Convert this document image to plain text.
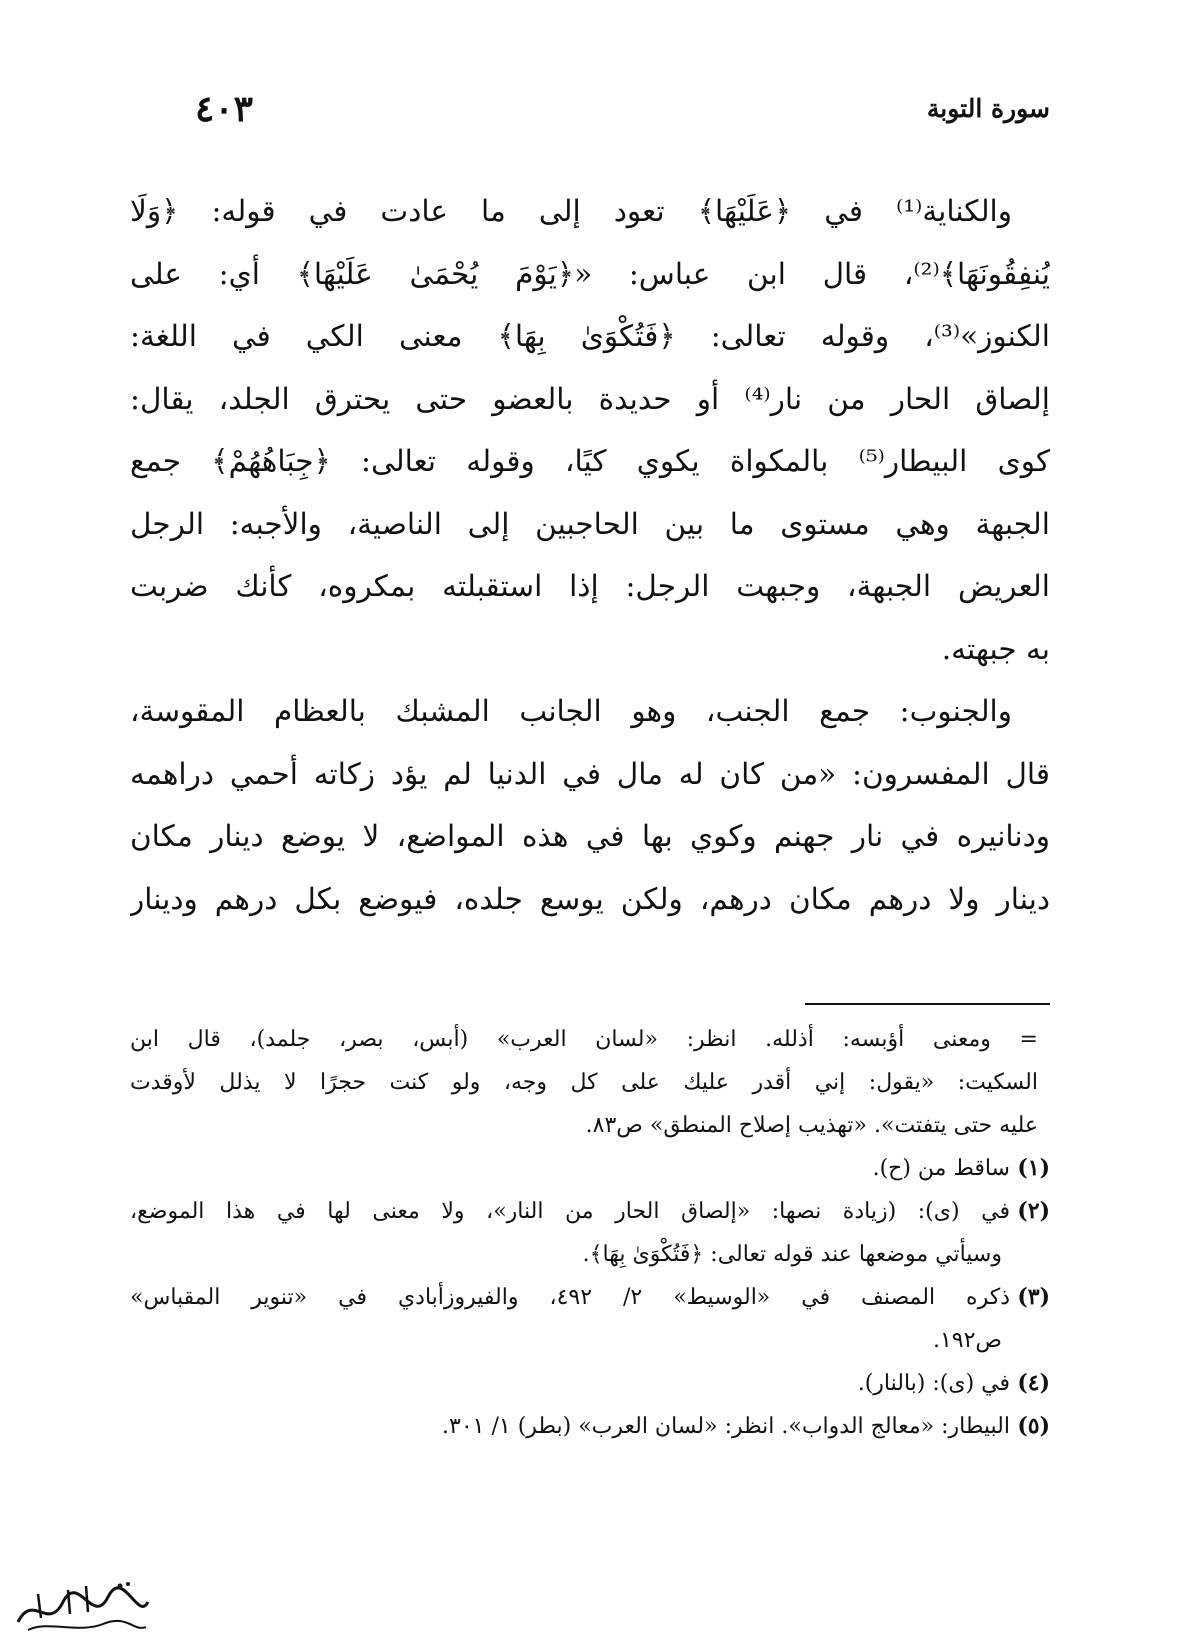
سورة التوبة
٤٠٣
والكناية⁽¹⁾ في ﴿عَلَيْهَا﴾ تعود إلى ما عادت في قوله: ﴿وَلَا
يُنفِقُونَهَا﴾⁽²⁾، قال ابن عباس: «﴿يَوْمَ يُحْمَىٰ عَلَيْهَا﴾ أي: على
الكنوز»⁽³⁾، وقوله تعالى: ﴿فَتُكْوَىٰ بِهَا﴾ معنى الكي في اللغة:
إلصاق الحار من نار⁽⁴⁾ أو حديدة بالعضو حتى يحترق الجلد، يقال:
كوى البيطار⁽⁵⁾ بالمكواة يكوي كيًا، وقوله تعالى: ﴿جِبَاهُهُمْ﴾ جمع
الجبهة وهي مستوى ما بين الحاجبين إلى الناصية، والأجبه: الرجل
العريض الجبهة، وجبهت الرجل: إذا استقبلته بمكروه، كأنك ضربت
به جبهته.
والجنوب: جمع الجنب، وهو الجانب المشبك بالعظام المقوسة،
قال المفسرون: «من كان له مال في الدنيا لم يؤد زكاته أحمي دراهمه
ودنانيره في نار جهنم وكوي بها في هذه المواضع، لا يوضع دينار مكان
دينار ولا درهم مكان درهم، ولكن يوسع جلده، فيوضع بكل درهم ودينار
= ومعنى أؤبسه: أذلله. انظر: «لسان العرب» (أبس، بصر، جلمد)، قال ابن
السكيت: «يقول: إني أقدر عليك على كل وجه، ولو كنت حجرًا لا يذلل لأوقدت
عليه حتى يتفتت». «تهذيب إصلاح المنطق» ص٨٣.
(١)ساقط من (ح).
(٢)في (ى): (زيادة نصها: «إلصاق الحار من النار»، ولا معنى لها في هذا الموضع،
وسيأتي موضعها عند قوله تعالى: ﴿فَتُكْوَىٰ بِهَا﴾.
(٣)ذكره المصنف في «الوسيط» ٢/ ٤٩٢، والفيروزأبادي في «تنوير المقباس»
ص١٩٢.
(٤)في (ى): (بالنار).
(٥)البيطار: «معالج الدواب». انظر: «لسان العرب» (بطر) ١/ ٣٠١.
